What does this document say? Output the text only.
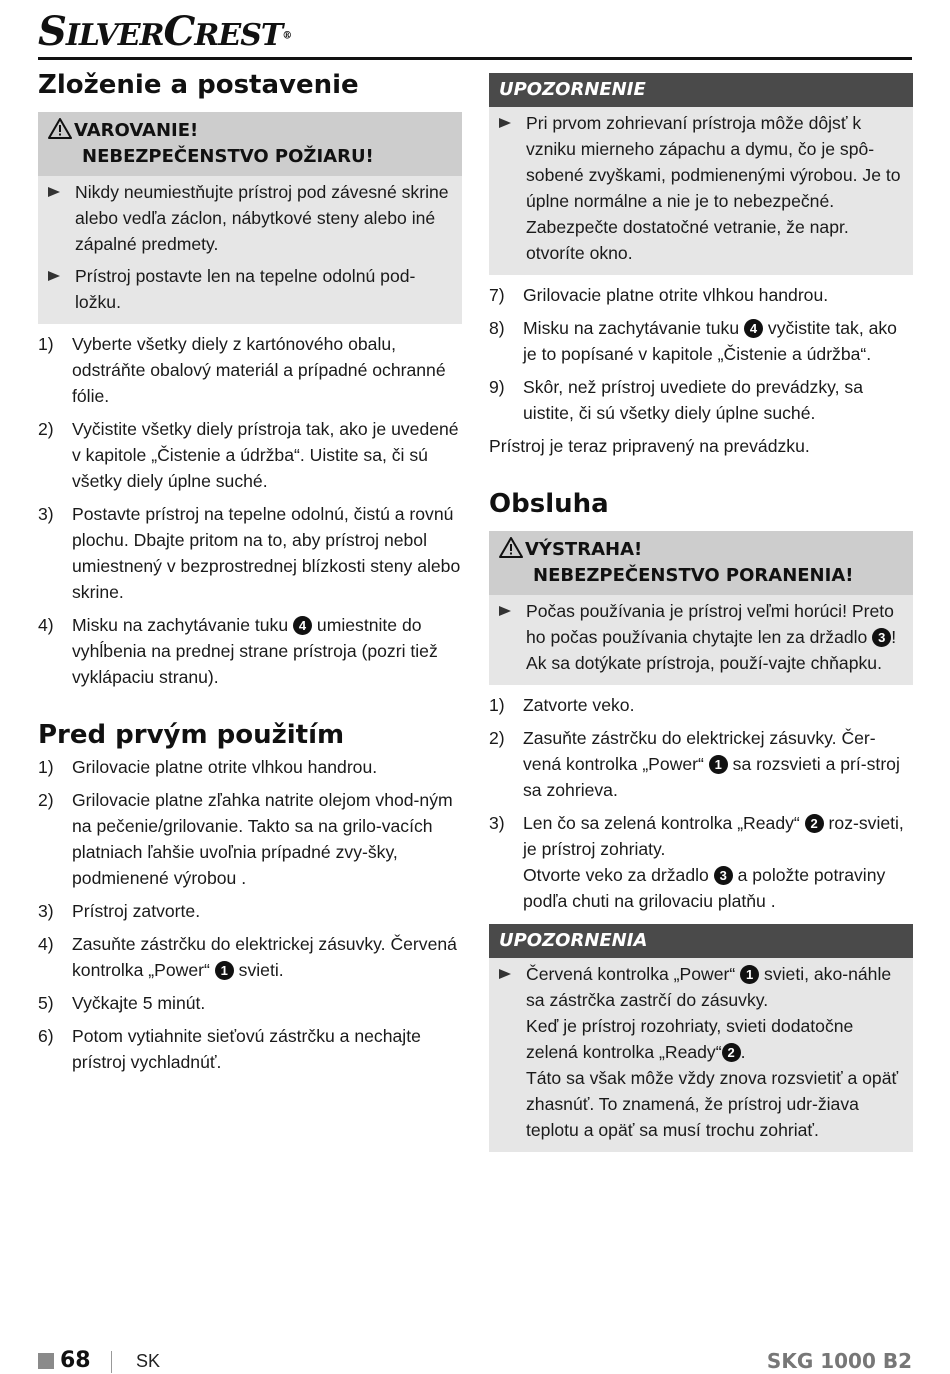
SILVERCREST®
Zloženie a postavenie
VAROVANIE!
NEBEZPEČENSTVO POŽIARU!
Nikdy neumiestňujte prístroj pod závesné skrine alebo vedľa záclon, nábytkové steny alebo iné zápalné predmety.
Prístroj postavte len na tepelne odolnú pod-ložku.
1) Vyberte všetky diely z kartónového obalu, odstráňte obalový materiál a prípadné ochranné fólie.
2) Vyčistite všetky diely prístroja tak, ako je uvedené v kapitole „Čistenie a údržba“. Uistite sa, či sú všetky diely úplne suché.
3) Postavte prístroj na tepelne odolnú, čistú a rovnú plochu. Dbajte pritom na to, aby prístroj nebol umiestnený v bezprostrednej blízkosti steny alebo skrine.
4) Misku na zachytávanie tuku 4 umiestnite do vyhĺbenia na prednej strane prístroja (pozri tiež vyklápaciu stranu).
Pred prvým použitím
1) Grilovacie platne otrite vlhkou handrou.
2) Grilovacie platne zľahka natrite olejom vhod-ným na pečenie/grilovanie. Takto sa na grilo-vacích platniach ľahšie uvoľnia prípadné zvy-šky, podmienené výrobou .
3) Prístroj zatvorte.
4) Zasuňte zástrčku do elektrickej zásuvky. Červená kontrolka „Power“ 1 svieti.
5) Vyčkajte 5 minút.
6) Potom vytiahnite sieťovú zástrčku a nechajte prístroj vychladnúť.
UPOZORNENIE
Pri prvom zohrievaní prístroja môže dôjsť k vzniku mierneho zápachu a dymu, čo je spô-sobené zvyškami, podmienenými výrobou. Je to úplne normálne a nie je to nebezpečné. Zabezpečte dostatočné vetranie, že napr. otvoríte okno.
7) Grilovacie platne otrite vlhkou handrou.
8) Misku na zachytávanie tuku 4 vyčistite tak, ako je to popísané v kapitole „Čistenie a údržba“.
9) Skôr, než prístroj uvediete do prevádzky, sa uistite, či sú všetky diely úplne suché.
Prístroj je teraz pripravený na prevádzku.
Obsluha
VÝSTRAHA!
NEBEZPEČENSTVO PORANENIA!
Počas používania je prístroj veľmi horúci! Preto ho počas používania chytajte len za držadlo 3 ! Ak sa dotýkate prístroja, použí-vajte chňapku.
1) Zatvorte veko.
2) Zasuňte zástrčku do elektrickej zásuvky. Čer-vená kontrolka „Power“ 1 sa rozsvieti a prí-stroj sa zohrieva.
3) Len čo sa zelená kontrolka „Ready“ 2 roz-svieti, je prístroj zohriaty.
Otvorte veko za držadlo 3 a položte potraviny podľa chuti na grilovaciu platňu .
UPOZORNENIA
Červená kontrolka „Power“ 1 svieti, ako-náhle sa zástrčka zastrčí do zásuvky.
Keď je prístroj rozohriaty, svieti dodatočne zelená kontrolka „Ready“ 2 .
Táto sa však môže vždy znova rozsvietiť a opäť zhasnúť. To znamená, že prístroj udr-žiava teplotu a opäť sa musí trochu zohriať.
68	SK	SKG 1000 B2
